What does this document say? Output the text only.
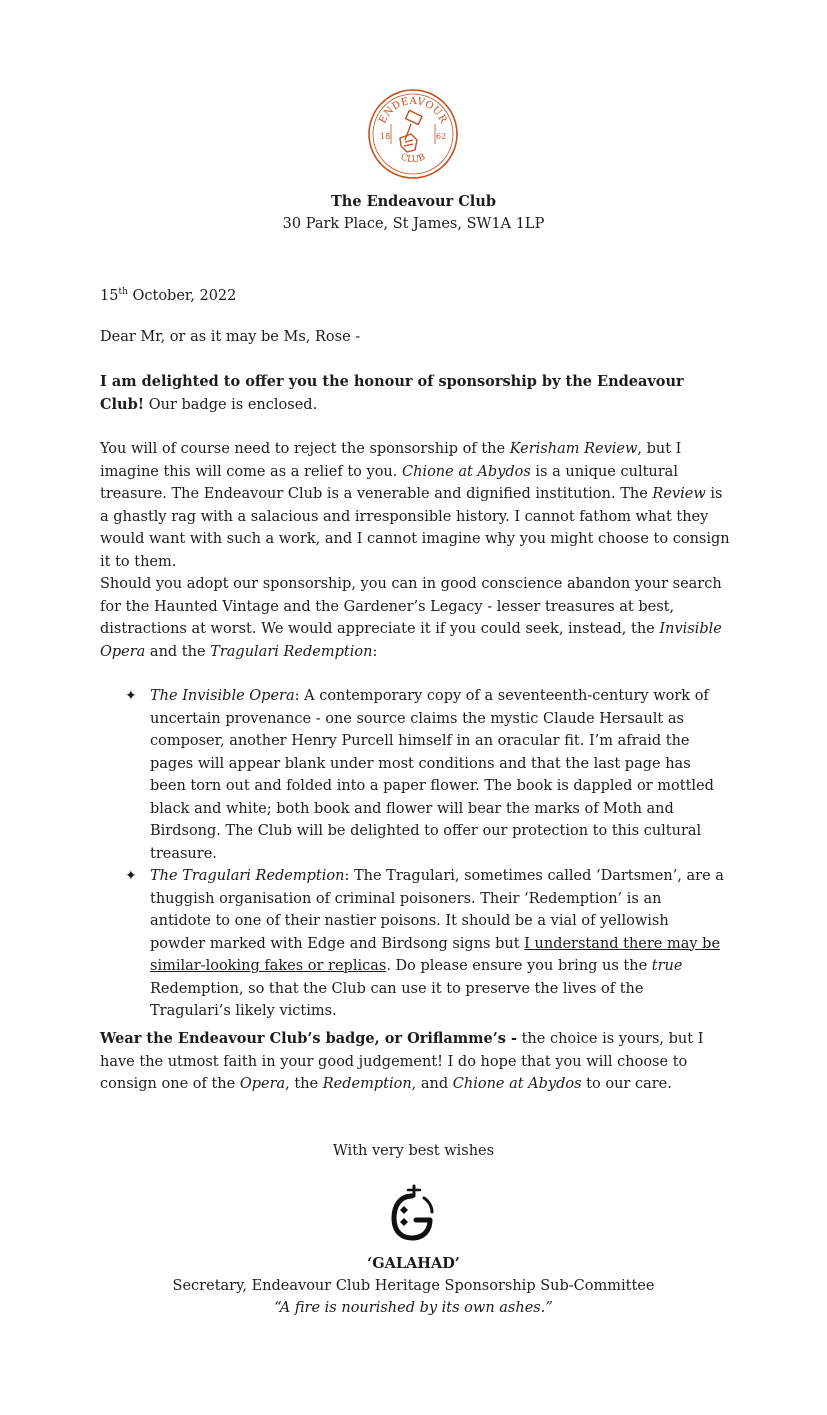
ENDEAVOUR
CLUB
18	62
The Endeavour Club
30 Park Place, St James, SW1A 1LP
15th October, 2022
Dear Mr, or as it may be Ms, Rose -

I am delighted to offer you the honour of sponsorship by the Endeavour Club! Our badge is enclosed.

You will of course need to reject the sponsorship of the Kerisham Review, but I imagine this will come as a relief to you. Chione at Abydos is a unique cultural treasure. The Endeavour Club is a venerable and dignified institution. The Review is a ghastly rag with a salacious and irresponsible history. I cannot fathom what they would want with such a work, and I cannot imagine why you might choose to consign it to them.

Should you adopt our sponsorship, you can in good conscience abandon your search for the Haunted Vintage and the Gardener’s Legacy - lesser treasures at best, distractions at worst. We would appreciate it if you could seek, instead, the Invisible Opera and the Tragulari Redemption:

✦ The Invisible Opera: A contemporary copy of a seventeenth-century work of uncertain provenance - one source claims the mystic Claude Hersault as composer, another Henry Purcell himself in an oracular fit. I’m afraid the pages will appear blank under most conditions and that the last page has been torn out and folded into a paper flower. The book is dappled or mottled black and white; both book and flower will bear the marks of Moth and Birdsong. The Club will be delighted to offer our protection to this cultural treasure.
✦ The Tragulari Redemption: The Tragulari, sometimes called ‘Dartsmen’, are a thuggish organisation of criminal poisoners. Their ‘Redemption’ is an antidote to one of their nastier poisons. It should be a vial of yellowish powder marked with Edge and Birdsong signs but I understand there may be similar-looking fakes or replicas. Do please ensure you bring us the true Redemption, so that the Club can use it to preserve the lives of the Tragulari’s likely victims.

Wear the Endeavour Club’s badge, or Oriflamme’s - the choice is yours, but I have the utmost faith in your good judgement! I do hope that you will choose to consign one of the Opera, the Redemption, and Chione at Abydos to our care.

With very best wishes
‘GALAHAD’
Secretary, Endeavour Club Heritage Sponsorship Sub-Committee
“A fire is nourished by its own ashes.”
